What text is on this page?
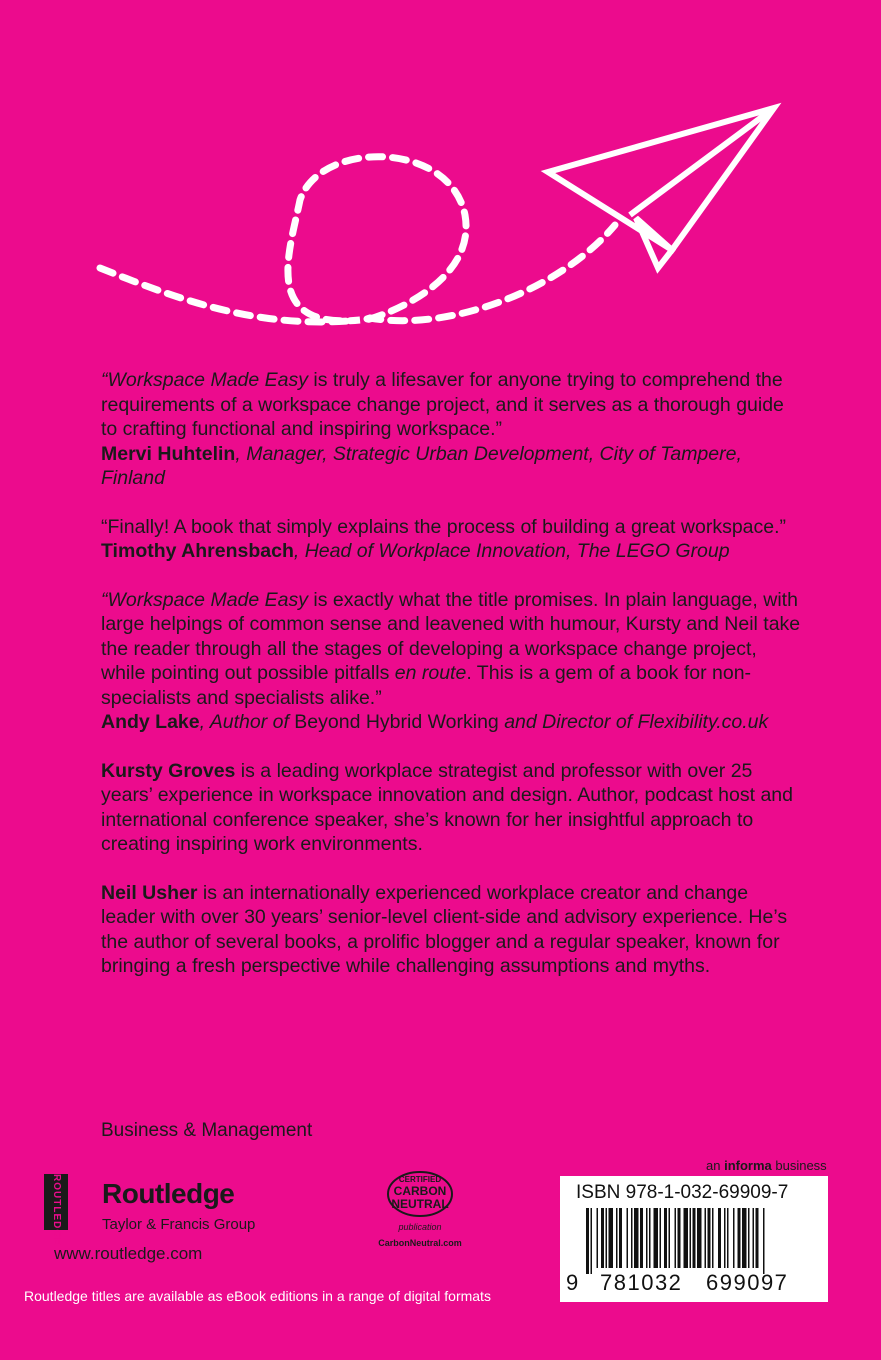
“Workspace Made Easy is truly a lifesaver for anyone trying to comprehend the requirements of a workspace change project, and it serves as a thorough guide to crafting functional and inspiring workspace.”

Mervi Huhtelin, Manager, Strategic Urban Development, City of Tampere, Finland

“Finally! A book that simply explains the process of building a great workspace.”

Timothy Ahrensbach, Head of Workplace Innovation, The LEGO Group

“Workspace Made Easy is exactly what the title promises. In plain language, with large helpings of common sense and leavened with humour, Kursty and Neil take the reader through all the stages of developing a workspace change project, while pointing out possible pitfalls en route. This is a gem of a book for non-specialists and specialists alike.”

Andy Lake, Author of Beyond Hybrid Working and Director of Flexibility.co.uk

Kursty Groves is a leading workplace strategist and professor with over 25 years’ experience in workspace innovation and design. Author, podcast host and international conference speaker, she’s known for her insightful approach to creating inspiring work environments.

Neil Usher is an internationally experienced workplace creator and change leader with over 30 years’ senior-level client-side and advisory experience. He’s the author of several books, a prolific blogger and a regular speaker, known for bringing a fresh perspective while challenging assumptions and myths.

Business & Management
ROUTLEDGE Routledge
Taylor & Francis Group
www.routledge.com
CERTIFIED
CARBON
NEUTRAL
publication
CarbonNeutral.com
an informa business
ISBN 978-1-032-69909-7
9 781032 699097
Routledge titles are available as eBook editions in a range of digital formats
